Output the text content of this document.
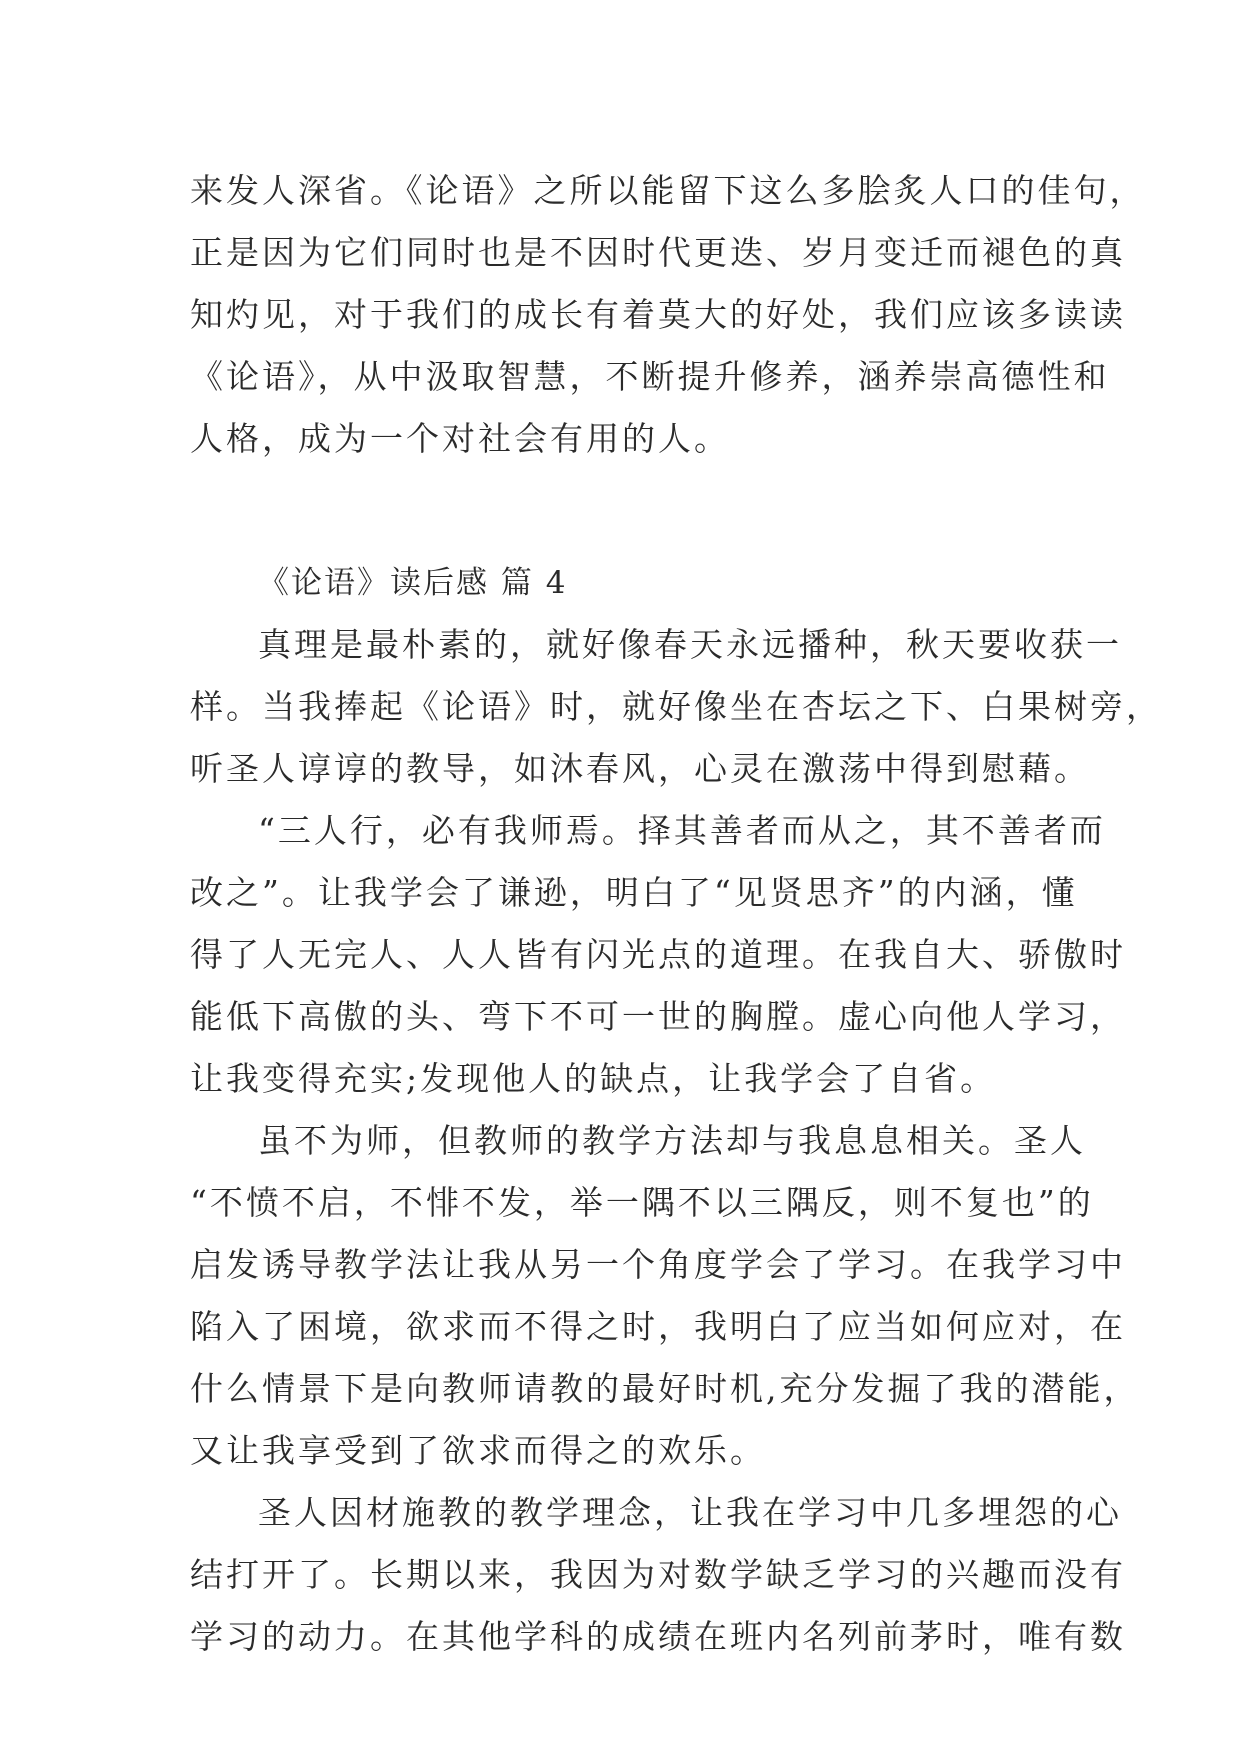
来发人深省。《论语》之所以能留下这么多脍炙人口的佳句，
正是因为它们同时也是不因时代更迭、岁月变迁而褪色的真
知灼见，对于我们的成长有着莫大的好处，我们应该多读读
《论语》，从中汲取智慧，不断提升修养，涵养崇高德性和
人格，成为一个对社会有用的人。
《论语》读后感 篇 4
真理是最朴素的，就好像春天永远播种，秋天要收获一
样。当我捧起《论语》时，就好像坐在杏坛之下、白果树旁，
听圣人谆谆的教导，如沐春风，心灵在激荡中得到慰藉。
“三人行，必有我师焉。择其善者而从之，其不善者而
改之”。让我学会了谦逊，明白了“见贤思齐”的内涵，懂
得了人无完人、人人皆有闪光点的道理。在我自大、骄傲时
能低下高傲的头、弯下不可一世的胸膛。虚心向他人学习，
让我变得充实;发现他人的缺点，让我学会了自省。
虽不为师，但教师的教学方法却与我息息相关。圣人
“不愤不启，不悱不发，举一隅不以三隅反，则不复也”的
启发诱导教学法让我从另一个角度学会了学习。在我学习中
陷入了困境，欲求而不得之时，我明白了应当如何应对，在
什么情景下是向教师请教的最好时机,充分发掘了我的潜能，
又让我享受到了欲求而得之的欢乐。
圣人因材施教的教学理念，让我在学习中几多埋怨的心
结打开了。长期以来，我因为对数学缺乏学习的兴趣而没有
学习的动力。在其他学科的成绩在班内名列前茅时，唯有数
